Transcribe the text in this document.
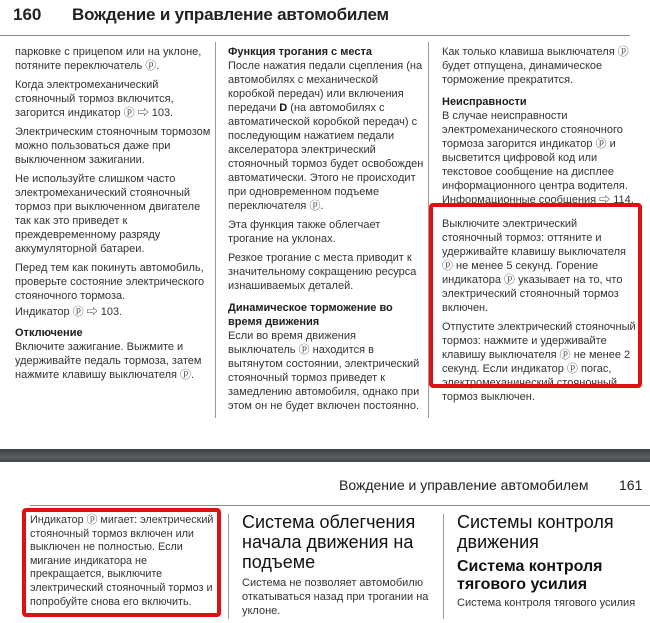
160 Вождение и управление автомобилем

парковке с прицепом или на уклоне, потяните переключатель ⓟ.

Когда электромеханический стояночный тормоз включится, загорится индикатор ⓟ ⇨ 103.

Электрическим стояночным тормозом можно пользоваться даже при выключенном зажигании.

Не используйте слишком часто электромеханический стояночный тормоз при выключенном двигателе так как это приведет к преждевременному разряду аккумуляторной батареи.

Перед тем как покинуть автомобиль, проверьте состояние электрического стояночного тормоза.

Индикатор ⓟ ⇨ 103.

Отключение

Включите зажигание. Выжмите и удерживайте педаль тормоза, затем нажмите клавишу выключателя ⓟ.

Функция трогания с места

После нажатия педали сцепления (на автомобилях с механической коробкой передач) или включения передачи D (на автомобилях с автоматической коробкой передач) с последующим нажатием педали акселератора электрический стояночный тормоз будет освобожден автоматически. Этого не происходит при одновременном подъеме переключателя ⓟ.

Эта функция также облегчает трогание на уклонах.

Резкое трогание с места приводит к значительному сокращению ресурса изнашиваемых деталей.

Динамическое торможение во время движения

Если во время движения выключатель ⓟ находится в вытянутом состоянии, электрический стояночный тормоз приведет к замедлению автомобиля, однако при этом он не будет включен постоянно.

Как только клавиша выключателя ⓟ будет отпущена, динамическое торможение прекратится.

Неисправности

В случае неисправности электромеханического стояночного тормоза загорится индикатор ⓟ и высветится цифровой код или текстовое сообщение на дисплее информационного центра водителя. Информационные сообщения ⇨ 114.

Выключите электрический стояночный тормоз: оттяните и удерживайте клавишу выключателя ⓟ не менее 5 секунд. Горение индикатора ⓟ указывает на то, что электрический стояночный тормоз включен.

Отпустите электрический стояночный тормоз: нажмите и удерживайте клавишу выключателя ⓟ не менее 2 секунд. Если индикатор ⓟ погас, электромеханический стояночный тормоз выключен.

Вождение и управление автомобилем 161

Индикатор ⓟ мигает: электрический стояночный тормоз включен или выключен не полностью. Если мигание индикатора не прекращается, выключите электрический стояночный тормоз и попробуйте снова его включить.

Система облегчения начала движения на подъеме

Система не позволяет автомобилю откатываться назад при трогании на уклоне.

Системы контроля движения
Система контроля тягового усилия

Система контроля тягового усилия
